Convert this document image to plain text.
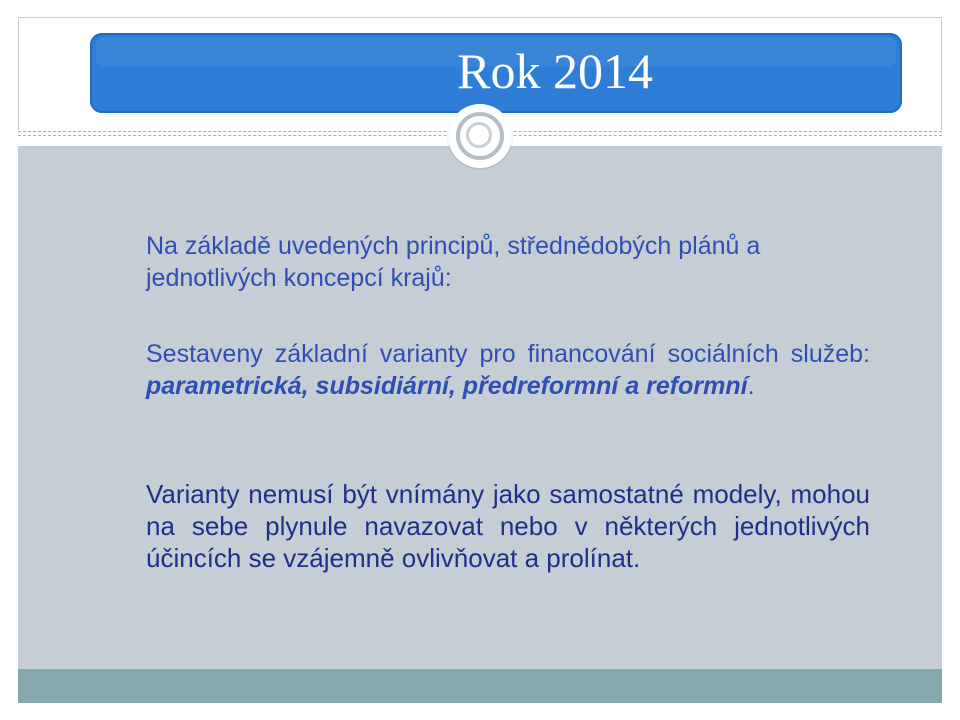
Rok 2014

Na základě uvedených principů, střednědobých plánů a jednotlivých koncepcí krajů:

Sestaveny základní varianty pro financování sociálních služeb: parametrická, subsidiární, předreformní a reformní.

Varianty nemusí být vnímány jako samostatné modely, mohou na sebe plynule navazovat nebo v některých jednotlivých účincích se vzájemně ovlivňovat a prolínat.
